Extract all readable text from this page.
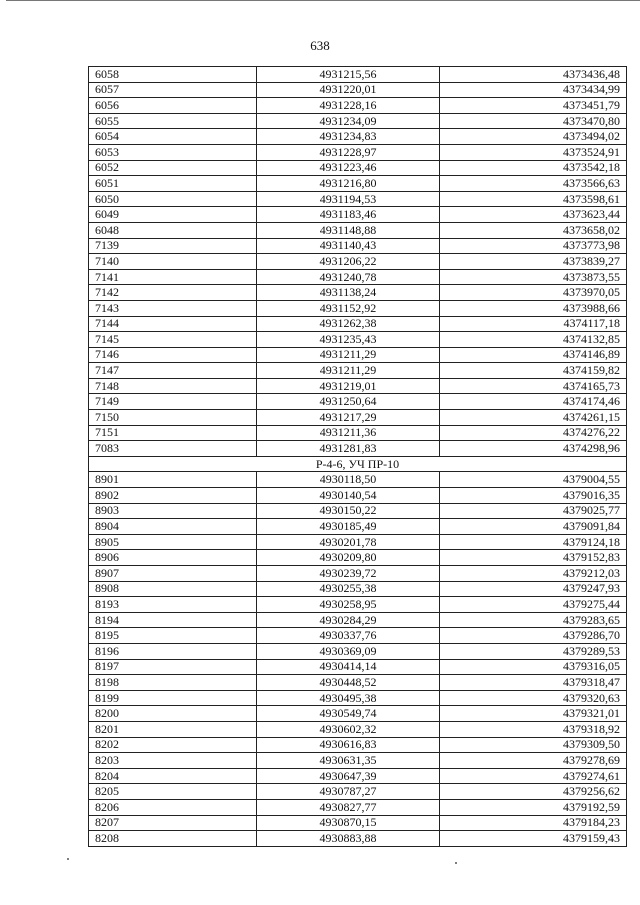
638
6058	4931215,56	4373436,48
6057	4931220,01	4373434,99
6056	4931228,16	4373451,79
6055	4931234,09	4373470,80
6054	4931234,83	4373494,02
6053	4931228,97	4373524,91
6052	4931223,46	4373542,18
6051	4931216,80	4373566,63
6050	4931194,53	4373598,61
6049	4931183,46	4373623,44
6048	4931148,88	4373658,02
7139	4931140,43	4373773,98
7140	4931206,22	4373839,27
7141	4931240,78	4373873,55
7142	4931138,24	4373970,05
7143	4931152,92	4373988,66
7144	4931262,38	4374117,18
7145	4931235,43	4374132,85
7146	4931211,29	4374146,89
7147	4931211,29	4374159,82
7148	4931219,01	4374165,73
7149	4931250,64	4374174,46
7150	4931217,29	4374261,15
7151	4931211,36	4374276,22
7083	4931281,83	4374298,96
Р-4-6, УЧ ПР-10		
8901	4930118,50	4379004,55
8902	4930140,54	4379016,35
8903	4930150,22	4379025,77
8904	4930185,49	4379091,84
8905	4930201,78	4379124,18
8906	4930209,80	4379152,83
8907	4930239,72	4379212,03
8908	4930255,38	4379247,93
8193	4930258,95	4379275,44
8194	4930284,29	4379283,65
8195	4930337,76	4379286,70
8196	4930369,09	4379289,53
8197	4930414,14	4379316,05
8198	4930448,52	4379318,47
8199	4930495,38	4379320,63
8200	4930549,74	4379321,01
8201	4930602,32	4379318,92
8202	4930616,83	4379309,50
8203	4930631,35	4379278,69
8204	4930647,39	4379274,61
8205	4930787,27	4379256,62
8206	4930827,77	4379192,59
8207	4930870,15	4379184,23
8208	4930883,88	4379159,43
